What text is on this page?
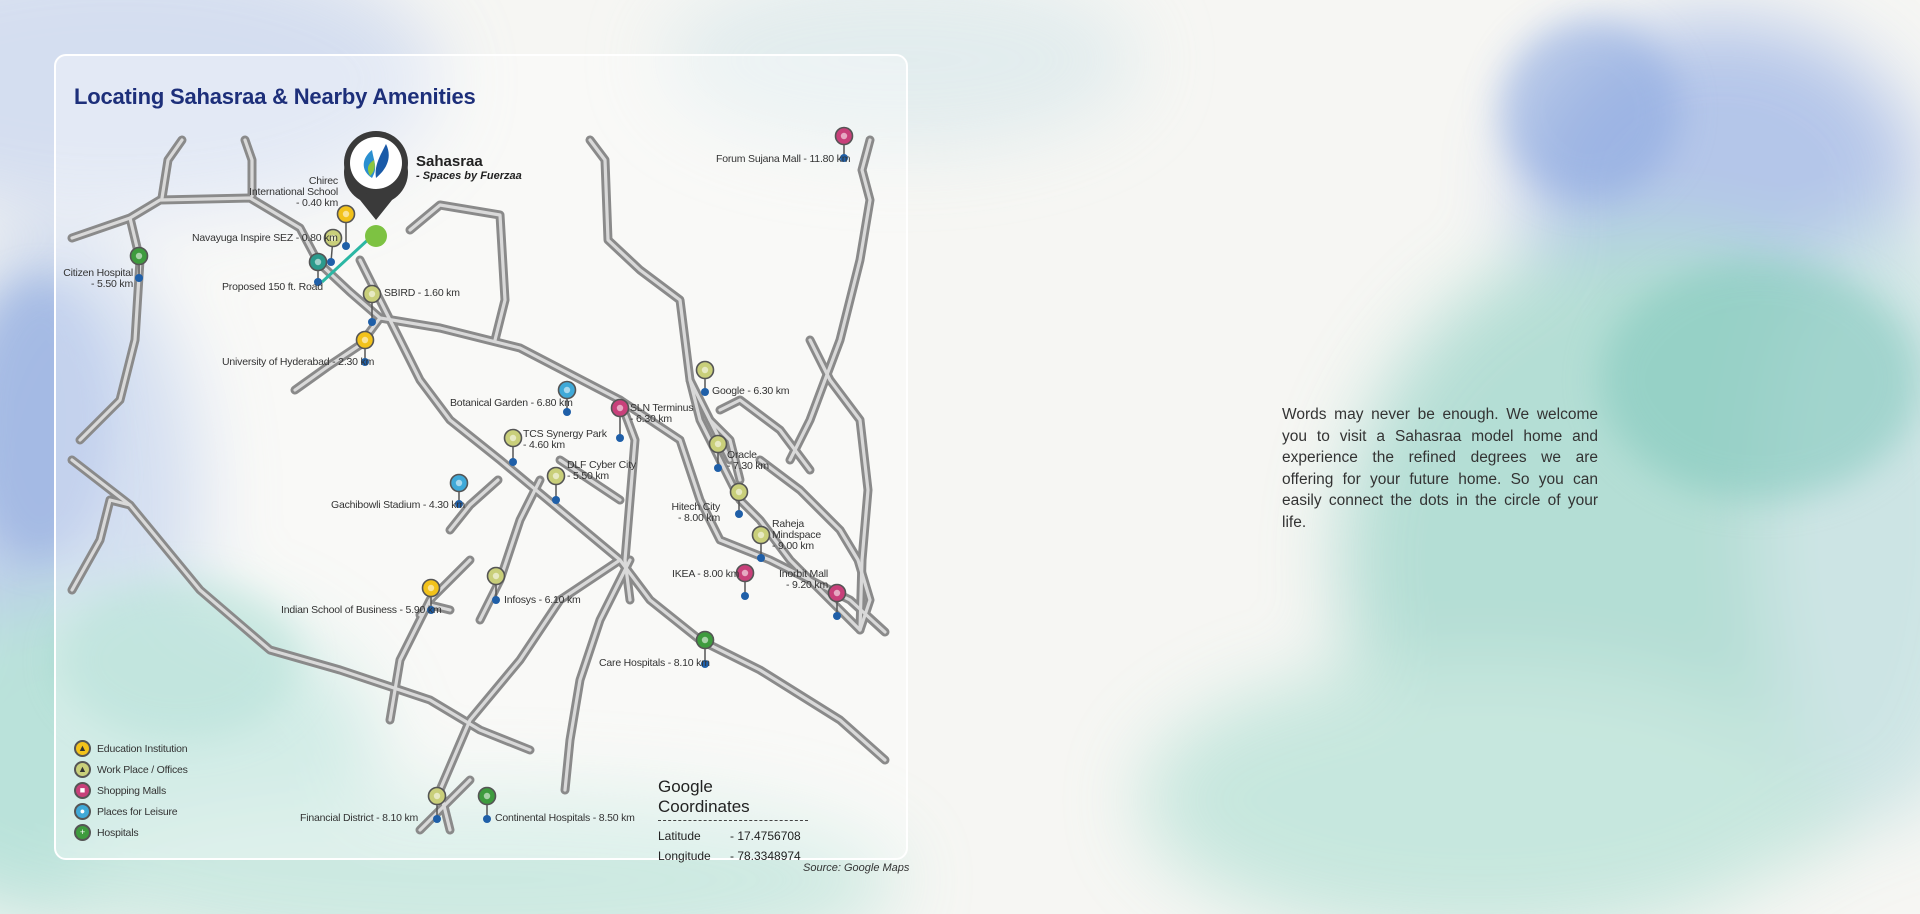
Locating Sahasraa & Nearby Amenities
Sahasraa
- Spaces by Fuerzaa
Chirec
International School
- 0.40 km
Navayuga Inspire SEZ - 0.80 km
Citizen Hospital
- 5.50 km	Proposed 150 ft. Road	SBIRD - 1.60 km
University of Hyderabad - 2.30 km
Botanical Garden - 6.80 km	SLN Terminus
- 6.30 km
Google - 6.30 km
Forum Sujana Mall - 11.80 km
TCS Synergy Park
- 4.60 km
DLF Cyber City
- 5.50 km
Oracle
- 7.30 km
Gachibowli Stadium - 4.30 km	Hitech City
- 8.00 km	Raheja
Mindspace
- 9.00 km
IKEA - 8.00 km	Inorbit Mall
- 9.20 km
Indian School of Business - 5.90 km
Infosys - 6.10 km
Care Hospitals - 8.10 km
Financial District - 8.10 km	Continental Hospitals - 8.50 km
▲ Education Institution
▲ Work Place / Offices
■	Shopping Malls
●	Places for Leisure
+	Hospitals
Google Coordinates
Latitude	- 17.4756708
Longitude	- 78.3348974
Source: Google Maps
Words may never be enough. We welcome you to visit a Sahasraa model home and experience the refined degrees we are offering for your future home. So you can easily connect the dots in the circle of your life.
